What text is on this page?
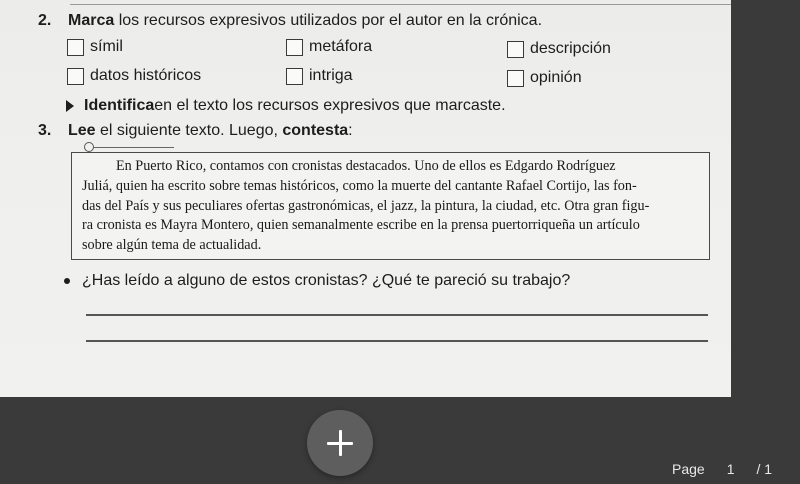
2. Marca los recursos expresivos utilizados por el autor en la crónica.
símil	metáfora	descripción
datos históricos	intriga	opinión
Identifica en el texto los recursos expresivos que marcaste.
3. Lee el siguiente texto. Luego, contesta:
En Puerto Rico, contamos con cronistas destacados. Uno de ellos es Edgardo Rodríguez
Juliá, quien ha escrito sobre temas históricos, como la muerte del cantante Rafael Cortijo, las fon-
das del País y sus peculiares ofertas gastronómicas, el jazz, la pintura, la ciudad, etc. Otra gran figu-
ra cronista es Mayra Montero, quien semanalmente escribe en la prensa puertorriqueña un artículo
sobre algún tema de actualidad.
¿Has leído a alguno de estos cronistas? ¿Qué te pareció su trabajo?
Page 1 / 1
